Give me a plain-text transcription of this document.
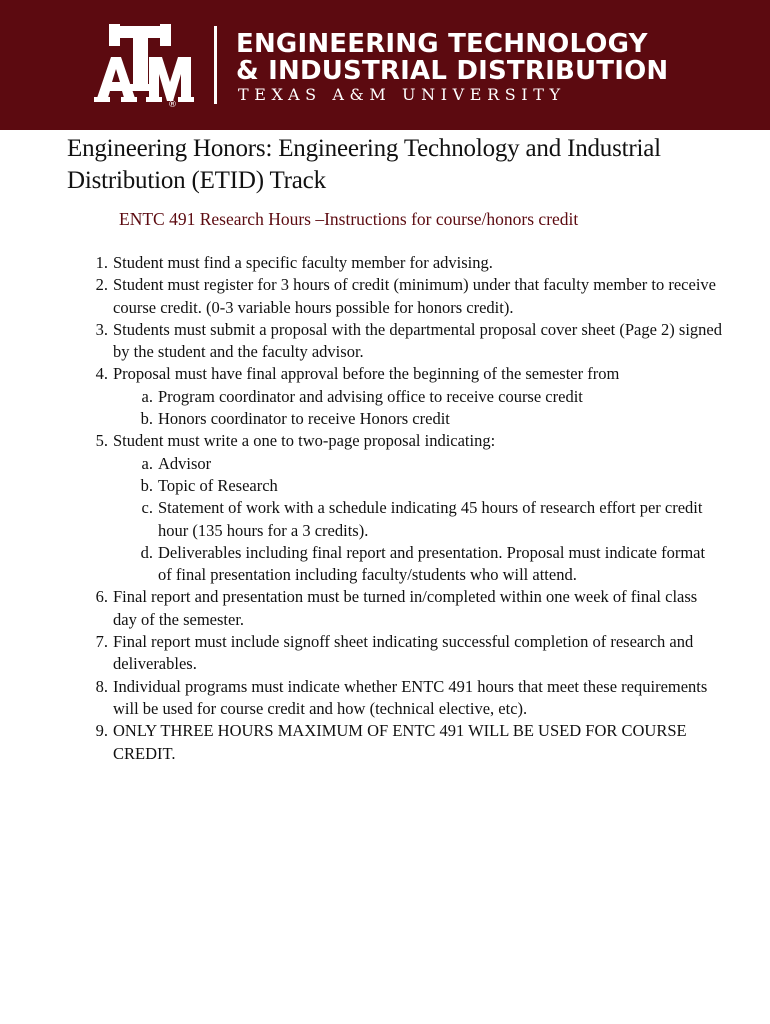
®
ENGINEERING TECHNOLOGY
& INDUSTRIAL DISTRIBUTION
TEXAS A&M UNIVERSITY
Engineering Honors: Engineering Technology and Industrial Distribution (ETID) Track

ENTC 491 Research Hours –Instructions for course/honors credit

1. Student must find a specific faculty member for advising.
2. Student must register for 3 hours of credit (minimum) under that faculty member to receive course credit. (0-3 variable hours possible for honors credit).
3. Students must submit a proposal with the departmental proposal cover sheet (Page 2) signed by the student and the faculty advisor.
4. Proposal must have final approval before the beginning of the semester from
a. Program coordinator and advising office to receive course credit
b. Honors coordinator to receive Honors credit
5. Student must write a one to two-page proposal indicating:
a. Advisor
b. Topic of Research
c. Statement of work with a schedule indicating 45 hours of research effort per credit hour (135 hours for a 3 credits).
d. Deliverables including final report and presentation. Proposal must indicate format of final presentation including faculty/students who will attend.
6. Final report and presentation must be turned in/completed within one week of final class day of the semester.
7. Final report must include signoff sheet indicating successful completion of research and deliverables.
8. Individual programs must indicate whether ENTC 491 hours that meet these requirements will be used for course credit and how (technical elective, etc).
9. ONLY THREE HOURS MAXIMUM OF ENTC 491 WILL BE USED FOR COURSE CREDIT.
